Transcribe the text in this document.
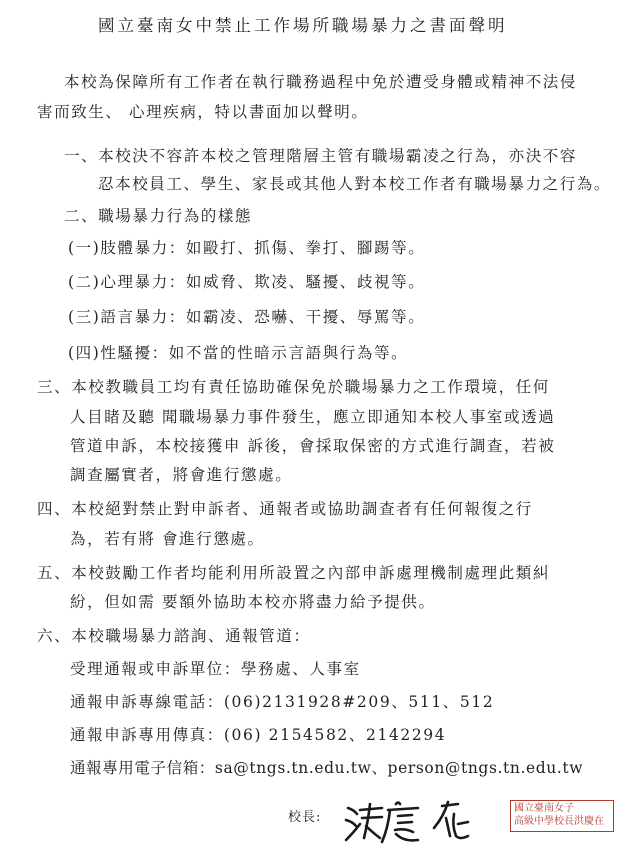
國立臺南女中禁止工作場所職場暴力之書面聲明
本校為保障所有工作者在執行職務過程中免於遭受身體或精神不法侵
害而致生、 心理疾病，特以書面加以聲明。
一、本校決不容許本校之管理階層主管有職場霸凌之行為，亦決不容
忍本校員工、學生、家長或其他人對本校工作者有職場暴力之行為。
二、職場暴力行為的樣態
(一)肢體暴力：如毆打、抓傷、拳打、腳踢等。
(二)心理暴力：如威脅、欺凌、騷擾、歧視等。
(三)語言暴力：如霸凌、恐嚇、干擾、辱罵等。
(四)性騷擾：如不當的性暗示言語與行為等。
三、本校教職員工均有責任協助確保免於職場暴力之工作環境，任何
人目睹及聽 聞職場暴力事件發生，應立即通知本校人事室或透過
管道申訴，本校接獲申 訴後，會採取保密的方式進行調查，若被
調查屬實者，將會進行懲處。
四、本校絕對禁止對申訴者、通報者或協助調查者有任何報復之行
為，若有將 會進行懲處。
五、本校鼓勵工作者均能利用所設置之內部申訴處理機制處理此類糾
紛，但如需 要額外協助本校亦將盡力給予提供。
六、本校職場暴力諮詢、通報管道：
受理通報或申訴單位：學務處、人事室
通報申訴專線電話：(06)2131928#209、511、512
通報申訴專用傳真：(06) 2154582、2142294
通報專用電子信箱：sa@tngs.tn.edu.tw、person@tngs.tn.edu.tw
校長:
國立臺南女子
高級中學校長洪慶在
